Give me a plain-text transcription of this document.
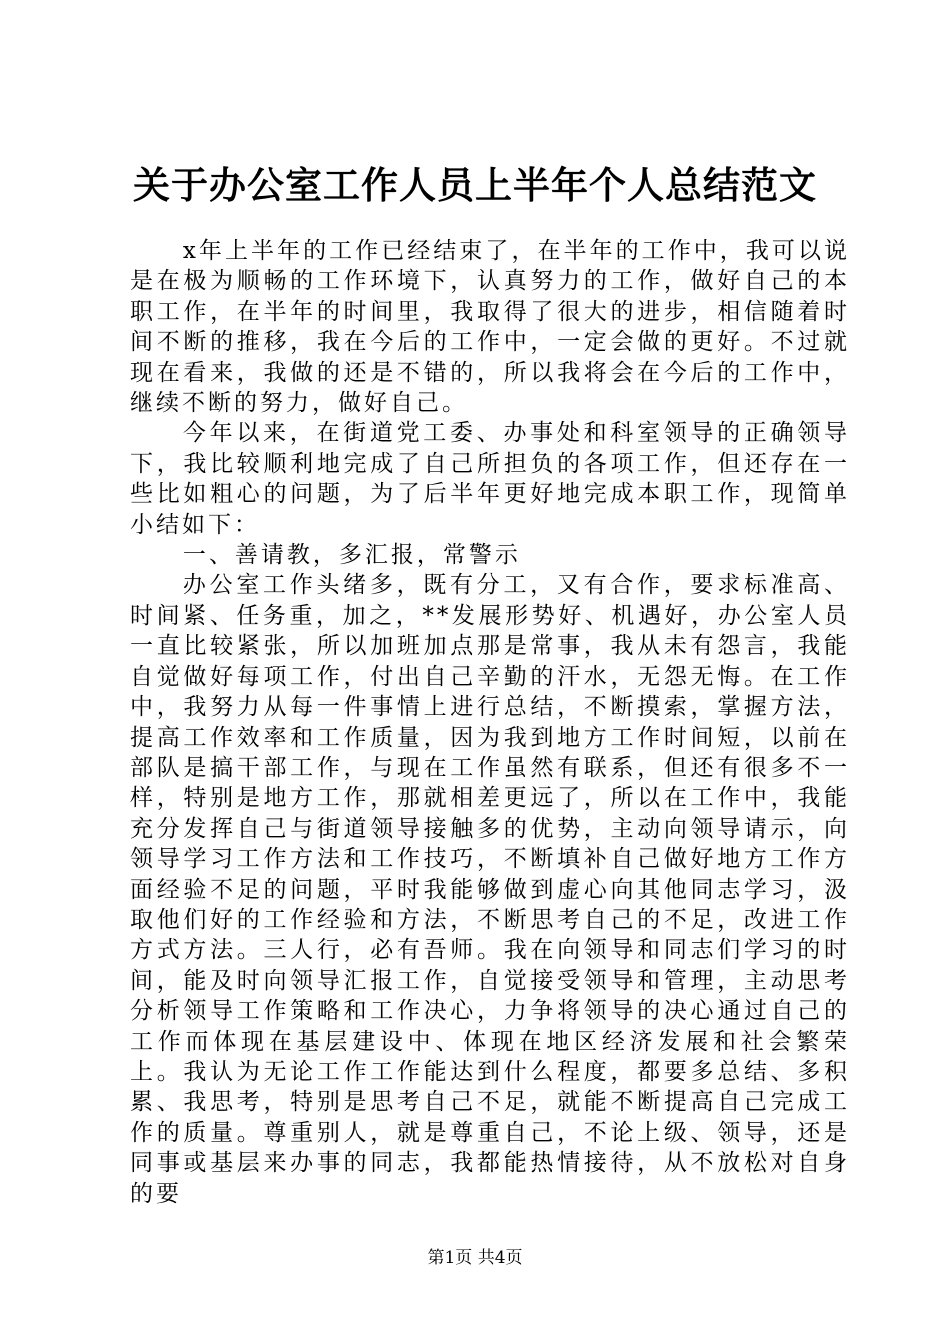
关于办公室工作人员上半年个人总结范文

x年上半年的工作已经结束了，在半年的工作中，我可以说是在极为顺畅的工作环境下，认真努力的工作，做好自己的本职工作，在半年的时间里，我取得了很大的进步，相信随着时间不断的推移，我在今后的工作中，一定会做的更好。不过就现在看来，我做的还是不错的，所以我将会在今后的工作中，继续不断的努力，做好自己。

今年以来，在街道党工委、办事处和科室领导的正确领导下，我比较顺利地完成了自己所担负的各项工作，但还存在一些比如粗心的问题，为了后半年更好地完成本职工作，现简单小结如下：

一、善请教，多汇报，常警示

办公室工作头绪多，既有分工，又有合作，要求标准高、时间紧、任务重，加之，**发展形势好、机遇好，办公室人员一直比较紧张，所以加班加点那是常事，我从未有怨言，我能自觉做好每项工作，付出自己辛勤的汗水，无怨无悔。在工作中，我努力从每一件事情上进行总结，不断摸索，掌握方法，提高工作效率和工作质量，因为我到地方工作时间短，以前在部队是搞干部工作，与现在工作虽然有联系，但还有很多不一样，特别是地方工作，那就相差更远了，所以在工作中，我能充分发挥自己与街道领导接触多的优势，主动向领导请示，向领导学习工作方法和工作技巧，不断填补自己做好地方工作方面经验不足的问题，平时我能够做到虚心向其他同志学习，汲取他们好的工作经验和方法，不断思考自己的不足，改进工作方式方法。三人行，必有吾师。我在向领导和同志们学习的时间，能及时向领导汇报工作，自觉接受领导和管理，主动思考分析领导工作策略和工作决心，力争将领导的决心通过自己的工作而体现在基层建设中、体现在地区经济发展和社会繁荣上。我认为无论工作工作能达到什么程度，都要多总结、多积累、我思考，特别是思考自己不足，就能不断提高自己完成工作的质量。尊重别人，就是尊重自己，不论上级、领导，还是同事或基层来办事的同志，我都能热情接待，从不放松对自身的要

第1页 共4页
